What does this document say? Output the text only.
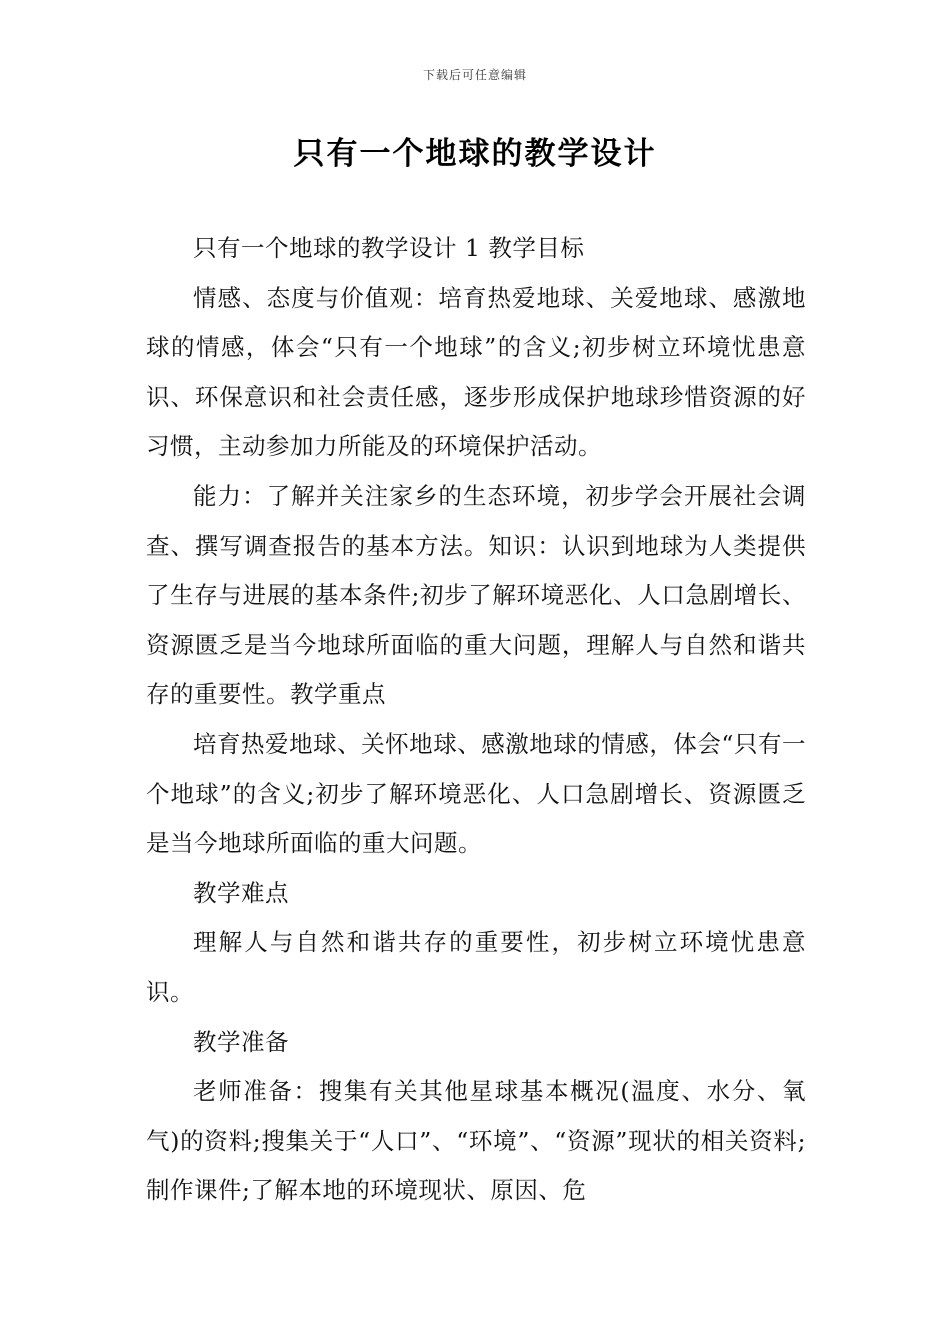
下载后可任意编辑
只有一个地球的教学设计

只有一个地球的教学设计 1 教学目标

情感、态度与价值观：培育热爱地球、关爱地球、感激地球的情感，体会“只有一个地球”的含义;初步树立环境忧患意识、环保意识和社会责任感，逐步形成保护地球珍惜资源的好习惯，主动参加力所能及的环境保护活动。

能力：了解并关注家乡的生态环境，初步学会开展社会调查、撰写调查报告的基本方法。知识：认识到地球为人类提供了生存与进展的基本条件;初步了解环境恶化、人口急剧增长、资源匮乏是当今地球所面临的重大问题，理解人与自然和谐共存的重要性。教学重点

培育热爱地球、关怀地球、感激地球的情感，体会“只有一个地球”的含义;初步了解环境恶化、人口急剧增长、资源匮乏是当今地球所面临的重大问题。

教学难点

理解人与自然和谐共存的重要性，初步树立环境忧患意识。

教学准备

老师准备：搜集有关其他星球基本概况(温度、水分、氧气)的资料;搜集关于“人口”、“环境”、“资源”现状的相关资料;制作课件;了解本地的环境现状、原因、危
